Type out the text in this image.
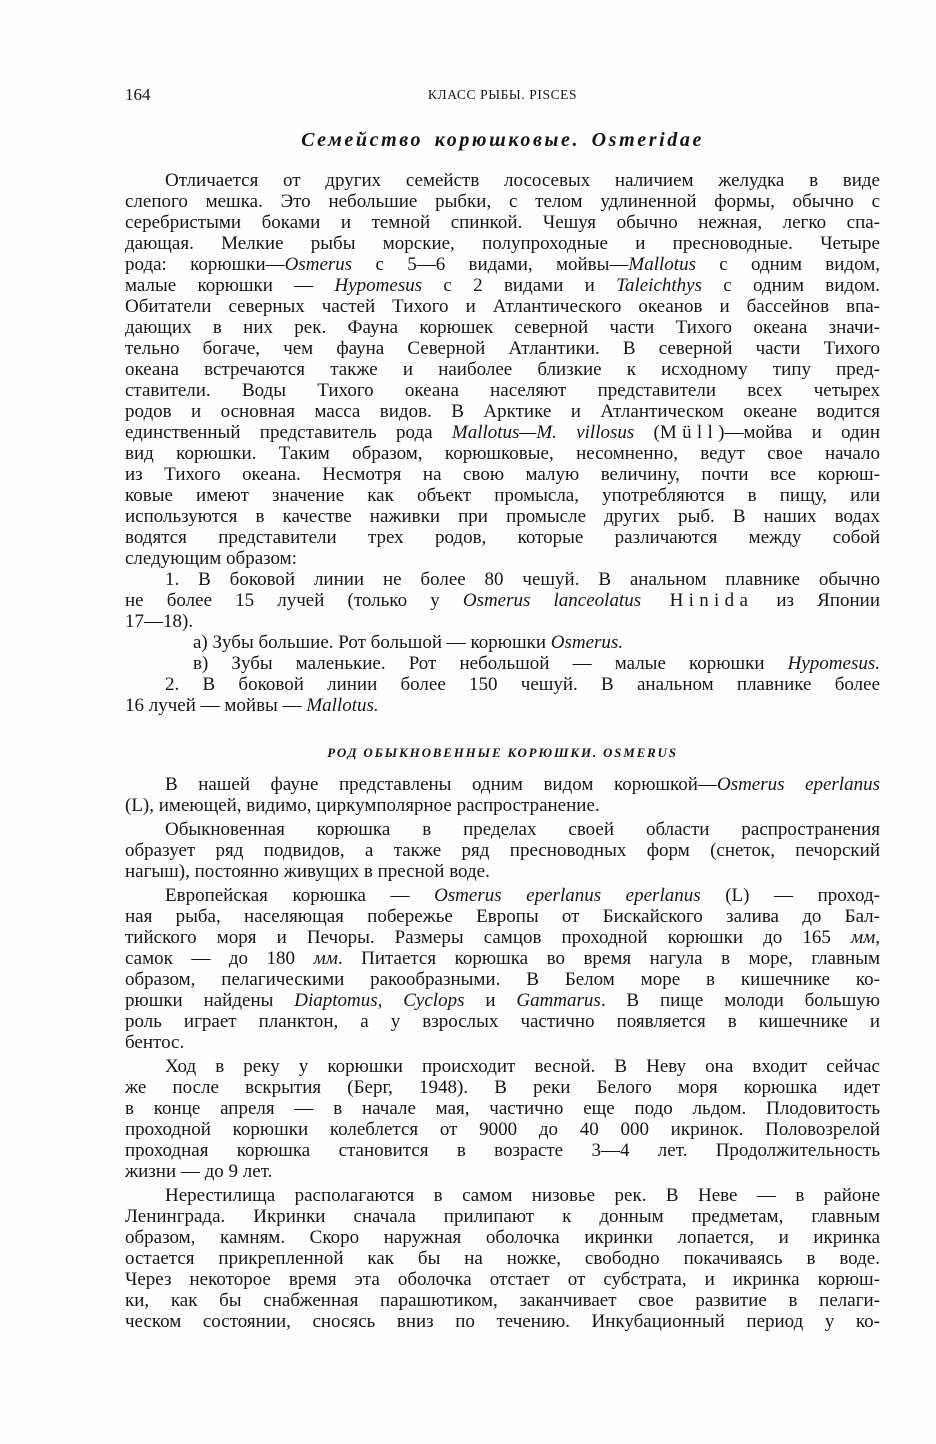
164	КЛАСС РЫБЫ. PISCES
Семейство корюшковые. Osmeridae
Отличается от других семейств лососевых наличием желудка в виде
слепого мешка. Это небольшие рыбки, с телом удлиненной формы, обычно с
серебристыми боками и темной спинкой. Чешуя обычно нежная, легко спа-
дающая. Мелкие рыбы морские, полупроходные и пресноводные. Четыре
рода: корюшки—Osmerus с 5—6 видами, мойвы—Mallotus с одним видом,
малые корюшки — Hypomesus с 2 видами и Taleichthys с одним видом.
Обитатели северных частей Тихого и Атлантического океанов и бассейнов впа-
дающих в них рек. Фауна корюшек северной части Тихого океана значи-
тельно богаче, чем фауна Северной Атлантики. В северной части Тихого
океана встречаются также и наиболее близкие к исходному типу пред-
ставители. Воды Тихого океана населяют представители всех четырех
родов и основная масса видов. В Арктике и Атлантическом океане водится
единственный представитель рода Mallotus—M. villosus (Müll)—мойва и один
вид корюшки. Таким образом, корюшковые, несомненно, ведут свое начало
из Тихого океана. Несмотря на свою малую величину, почти все корюш-
ковые имеют значение как объект промысла, употребляются в пищу, или
используются в качестве наживки при промысле других рыб. В наших водах
водятся представители трех родов, которые различаются между собой
следующим образом:
1. В боковой линии не более 80 чешуй. В анальном плавнике обычно
не более 15 лучей (только у Osmerus lanceolatus Hinida из Японии
17—18).
а) Зубы большие. Рот большой — корюшки Osmerus.
в) Зубы маленькие. Рот небольшой — малые корюшки Hypomesus.
2. В боковой линии более 150 чешуй. В анальном плавнике более
16 лучей — мойвы — Mallotus.
РОД ОБЫКНОВЕННЫЕ КОРЮШКИ. OSMERUS
В нашей фауне представлены одним видом корюшкой—Osmerus eperlanus
(L), имеющей, видимо, циркумполярное распространение.
Обыкновенная корюшка в пределах своей области распространения
образует ряд подвидов, а также ряд пресноводных форм (снеток, печорский
нагыш), постоянно живущих в пресной воде.
Европейская корюшка — Osmerus eperlanus eperlanus (L) — проход-
ная рыба, населяющая побережье Европы от Бискайского залива до Бал-
тийского моря и Печоры. Размеры самцов проходной корюшки до 165 мм,
самок — до 180 мм. Питается корюшка во время нагула в море, главным
образом, пелагическими ракообразными. В Белом море в кишечнике ко-
рюшки найдены Diaptomus, Cyclops и Gammarus. В пище молоди большую
роль играет планктон, а у взрослых частично появляется в кишечнике и
бентос.
Ход в реку у корюшки происходит весной. В Неву она входит сейчас
же после вскрытия (Берг, 1948). В реки Белого моря корюшка идет
в конце апреля — в начале мая, частично еще подо льдом. Плодовитость
проходной корюшки колеблется от 9000 до 40 000 икринок. Половозрелой
проходная корюшка становится в возрасте 3—4 лет. Продолжительность
жизни — до 9 лет.
Нерестилища располагаются в самом низовье рек. В Неве — в районе
Ленинграда. Икринки сначала прилипают к донным предметам, главным
образом, камням. Скоро наружная оболочка икринки лопается, и икринка
остается прикрепленной как бы на ножке, свободно покачиваясь в воде.
Через некоторое время эта оболочка отстает от субстрата, и икринка корюш-
ки, как бы снабженная парашютиком, заканчивает свое развитие в пелаги-
ческом состоянии, сносясь вниз по течению. Инкубационный период у ко-
